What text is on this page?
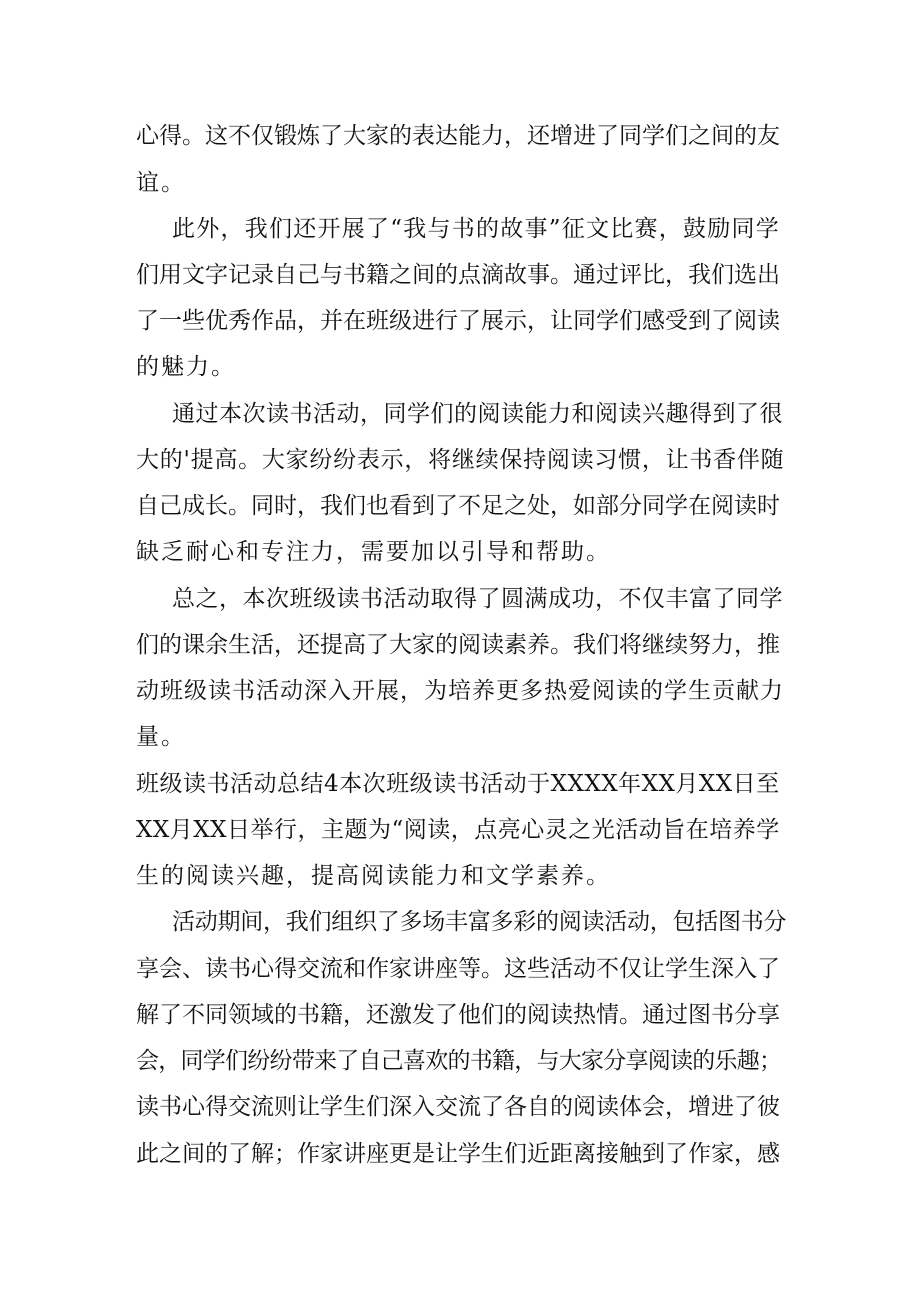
心得。这不仅锻炼了大家的表达能力，还增进了同学们之间的友
谊。
此外，我们还开展了“我与书的故事”征文比赛，鼓励同学
们用文字记录自己与书籍之间的点滴故事。通过评比，我们选出
了一些优秀作品，并在班级进行了展示，让同学们感受到了阅读
的魅力。
通过本次读书活动，同学们的阅读能力和阅读兴趣得到了很
大的'提高。大家纷纷表示，将继续保持阅读习惯，让书香伴随
自己成长。同时，我们也看到了不足之处，如部分同学在阅读时
缺乏耐心和专注力，需要加以引导和帮助。
总之，本次班级读书活动取得了圆满成功，不仅丰富了同学
们的课余生活，还提高了大家的阅读素养。我们将继续努力，推
动班级读书活动深入开展，为培养更多热爱阅读的学生贡献力
量。
班级读书活动总结4本次班级读书活动于XXXX年XX月XX日至
XX月XX日举行，主题为“阅读，点亮心灵之光活动旨在培养学
生的阅读兴趣，提高阅读能力和文学素养。
活动期间，我们组织了多场丰富多彩的阅读活动，包括图书分
享会、读书心得交流和作家讲座等。这些活动不仅让学生深入了
解了不同领域的书籍，还激发了他们的阅读热情。通过图书分享
会，同学们纷纷带来了自己喜欢的书籍，与大家分享阅读的乐趣；
读书心得交流则让学生们深入交流了各自的阅读体会，增进了彼
此之间的了解；作家讲座更是让学生们近距离接触到了作家，感
